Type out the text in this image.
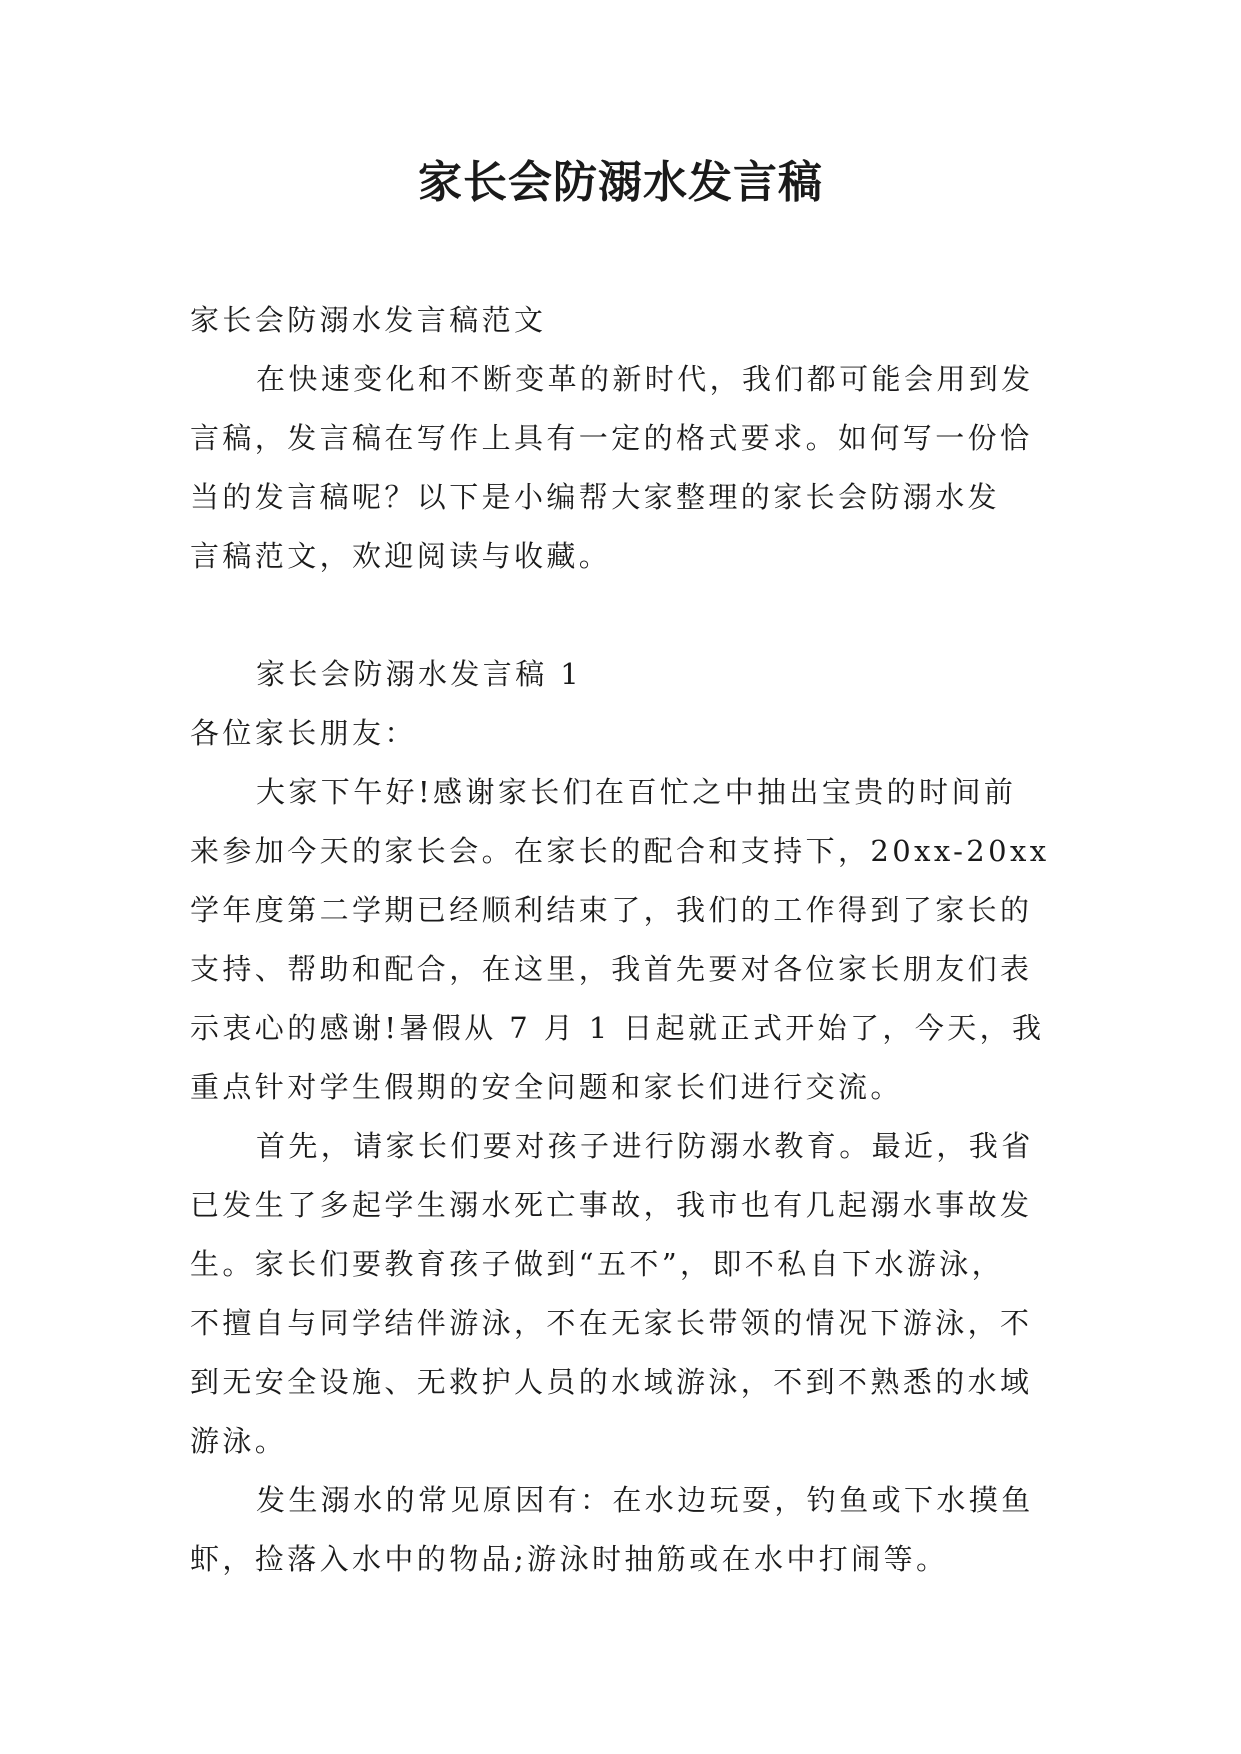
家长会防溺水发言稿
家长会防溺水发言稿范文
在快速变化和不断变革的新时代，我们都可能会用到发
言稿，发言稿在写作上具有一定的格式要求。如何写一份恰
当的发言稿呢？以下是小编帮大家整理的家长会防溺水发
言稿范文，欢迎阅读与收藏。
家长会防溺水发言稿 1
各位家长朋友：
大家下午好!感谢家长们在百忙之中抽出宝贵的时间前
来参加今天的家长会。在家长的配合和支持下，20xx-20xx
学年度第二学期已经顺利结束了，我们的工作得到了家长的
支持、帮助和配合，在这里，我首先要对各位家长朋友们表
示衷心的感谢!暑假从 7 月 1 日起就正式开始了，今天，我
重点针对学生假期的安全问题和家长们进行交流。
首先，请家长们要对孩子进行防溺水教育。最近，我省
已发生了多起学生溺水死亡事故，我市也有几起溺水事故发
生。家长们要教育孩子做到“五不”，即不私自下水游泳，
不擅自与同学结伴游泳，不在无家长带领的情况下游泳，不
到无安全设施、无救护人员的水域游泳，不到不熟悉的水域
游泳。
发生溺水的常见原因有：在水边玩耍，钓鱼或下水摸鱼
虾，捡落入水中的物品;游泳时抽筋或在水中打闹等。
